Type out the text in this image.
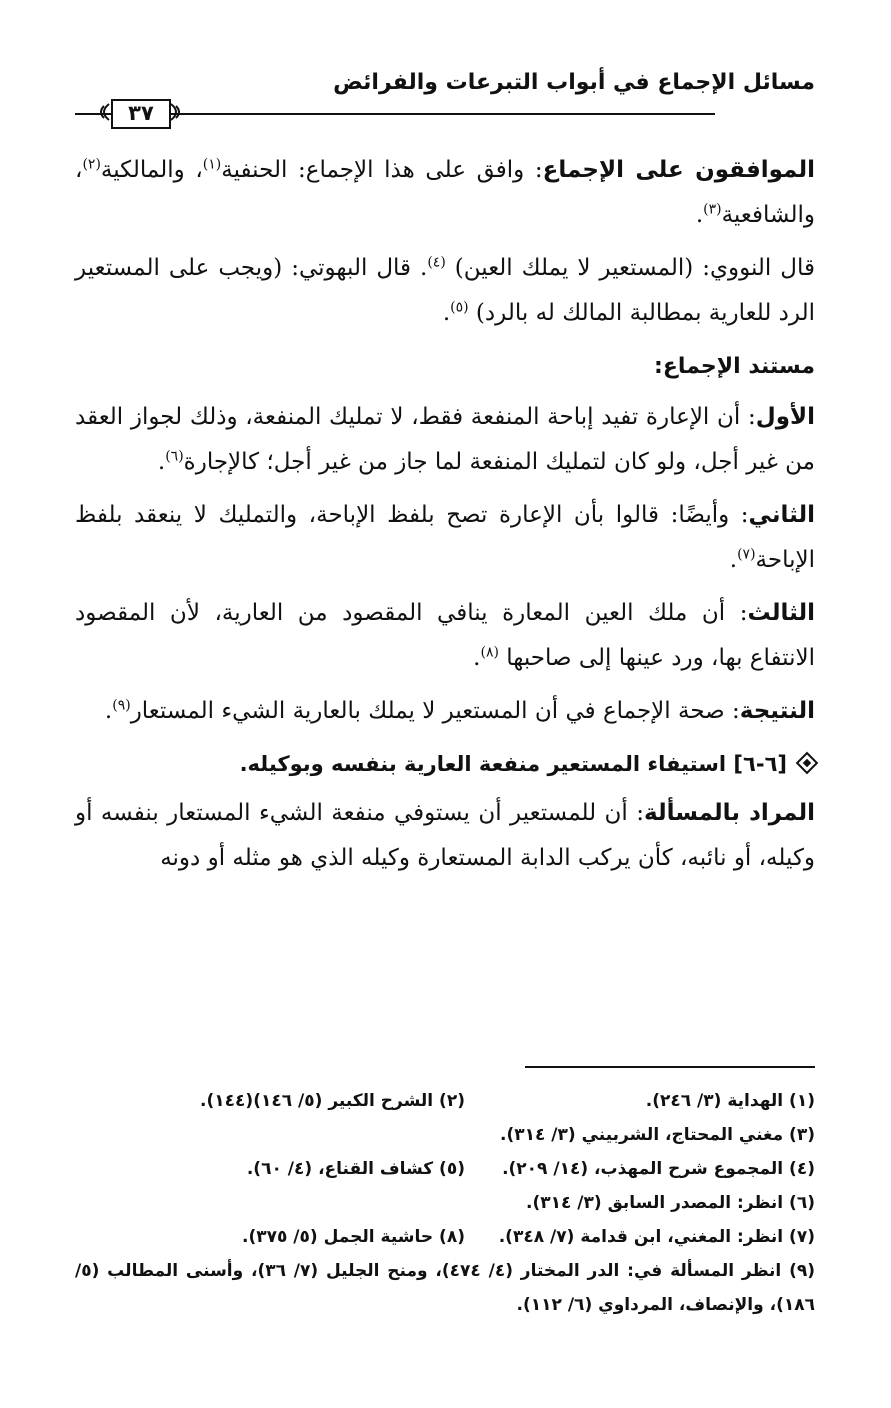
مسائل الإجماع في أبواب التبرعات والفرائض
٣٧

الموافقون على الإجماع: وافق على هذا الإجماع: الحنفية$^{(١)}$، والمالكية$^{(٢)}$، والشافعية$^{(٣)}$.

قال النووي: (المستعير لا يملك العين) $^{(٤)}$. قال البهوتي: (ويجب على المستعير الرد للعارية بمطالبة المالك له بالرد) $^{(٥)}$.

مستند الإجماع:

الأول: أن الإعارة تفيد إباحة المنفعة فقط، لا تمليك المنفعة، وذلك لجواز العقد من غير أجل، ولو كان لتمليك المنفعة لما جاز من غير أجل؛ كالإجارة$^{(٦)}$.

الثاني: وأيضًا: قالوا بأن الإعارة تصح بلفظ الإباحة، والتمليك لا ينعقد بلفظ الإباحة$^{(٧)}$.

الثالث: أن ملك العين المعارة ينافي المقصود من العارية، لأن المقصود الانتفاع بها، ورد عينها إلى صاحبها $^{(٨)}$.

النتيجة: صحة الإجماع في أن المستعير لا يملك بالعارية الشيء المستعار$^{(٩)}$.

[٦-٦] استيفاء المستعير منفعة العارية بنفسه وبوكيله.

المراد بالمسألة: أن للمستعير أن يستوفي منفعة الشيء المستعار بنفسه أو وكيله، أو نائبه، كأن يركب الدابة المستعارة وكيله الذي هو مثله أو دونه

(١) الهداية (٣/ ٢٤٦).
(٢) الشرح الكبير (٥/ ١٤٦)(١٤٤).
(٣) مغني المحتاج، الشربيني (٣/ ٣١٤).
(٤) المجموع شرح المهذب، (١٤/ ٢٠٩).
(٥) كشاف القناع، (٤/ ٦٠).
(٦) انظر: المصدر السابق (٣/ ٣١٤).
(٧) انظر: المغني، ابن قدامة (٧/ ٣٤٨).
(٨) حاشية الجمل (٥/ ٣٧٥).
(٩) انظر المسألة في: الدر المختار (٤/ ٤٧٤)، ومنح الجليل (٧/ ٣٦)، وأسنى المطالب (٥/ ١٨٦)، والإنصاف، المرداوي (٦/ ١١٢).
